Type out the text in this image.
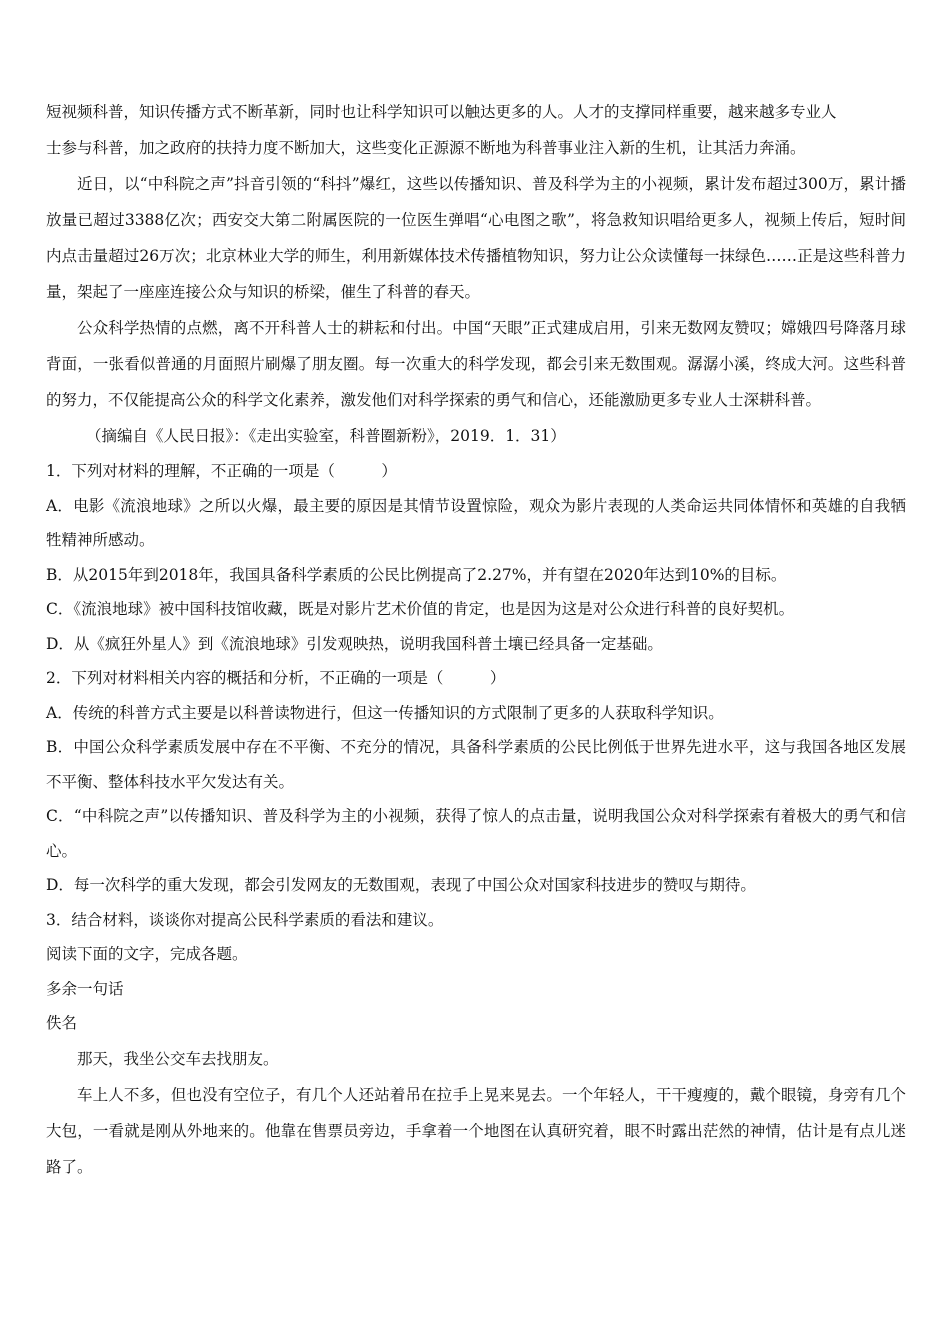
短视频科普，知识传播方式不断革新，同时也让科学知识可以触达更多的人。人才的支撑同样重要，越来越多专业人
士参与科普，加之政府的扶持力度不断加大，这些变化正源源不断地为科普事业注入新的生机，让其活力奔涌。

近日，以“中科院之声”抖音引领的“科抖”爆红，这些以传播知识、普及科学为主的小视频，累计发布超过300万，累计播放量已超过3388亿次；西安交大第二附属医院的一位医生弹唱“心电图之歌”，将急救知识唱给更多人，视频上传后，短时间内点击量超过26万次；北京林业大学的师生，利用新媒体技术传播植物知识，努力让公众读懂每一抹绿色……正是这些科普力量，架起了一座座连接公众与知识的桥梁，催生了科普的春天。

公众科学热情的点燃，离不开科普人士的耕耘和付出。中国“天眼”正式建成启用，引来无数网友赞叹；嫦娥四号降落月球背面，一张看似普通的月面照片刷爆了朋友圈。每一次重大的科学发现，都会引来无数围观。潺潺小溪，终成大河。这些科普的努力，不仅能提高公众的科学文化素养，激发他们对科学探索的勇气和信心，还能激励更多专业人士深耕科普。

（摘编自《人民日报》：《走出实验室，科普圈新粉》，2019．1．31）

1．下列对材料的理解，不正确的一项是（　　　）

A．电影《流浪地球》之所以火爆，最主要的原因是其情节设置惊险，观众为影片表现的人类命运共同体情怀和英雄的自我牺牲精神所感动。

B．从2015年到2018年，我国具备科学素质的公民比例提高了2.27%，并有望在2020年达到10%的目标。

C．《流浪地球》被中国科技馆收藏，既是对影片艺术价值的肯定，也是因为这是对公众进行科普的良好契机。

D．从《疯狂外星人》到《流浪地球》引发观映热，说明我国科普土壤已经具备一定基础。

2．下列对材料相关内容的概括和分析，不正确的一项是（　　　）

A．传统的科普方式主要是以科普读物进行，但这一传播知识的方式限制了更多的人获取科学知识。

B．中国公众科学素质发展中存在不平衡、不充分的情况，具备科学素质的公民比例低于世界先进水平，这与我国各地区发展不平衡、整体科技水平欠发达有关。

C．“中科院之声”以传播知识、普及科学为主的小视频，获得了惊人的点击量，说明我国公众对科学探索有着极大的勇气和信心。

D．每一次科学的重大发现，都会引发网友的无数围观，表现了中国公众对国家科技进步的赞叹与期待。

3．结合材料，谈谈你对提高公民科学素质的看法和建议。

阅读下面的文字，完成各题。

多余一句话

佚名

那天，我坐公交车去找朋友。

车上人不多，但也没有空位子，有几个人还站着吊在拉手上晃来晃去。一个年轻人，干干瘦瘦的，戴个眼镜，身旁有几个大包，一看就是刚从外地来的。他靠在售票员旁边，手拿着一个地图在认真研究着，眼不时露出茫然的神情，估计是有点儿迷路了。
